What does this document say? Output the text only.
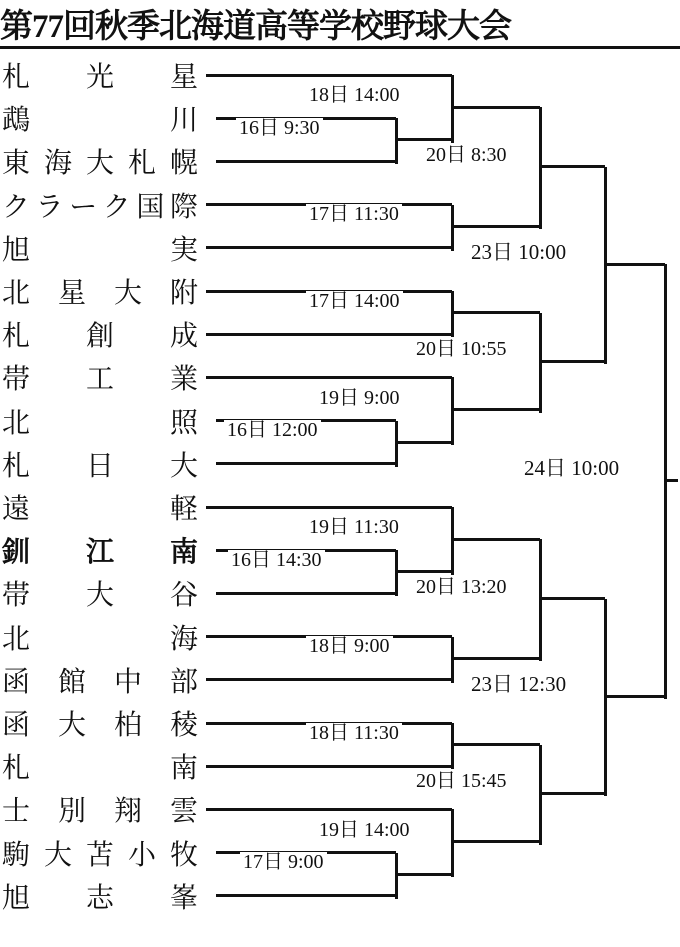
第77回秋季北海道高等学校野球大会
札 光 星
鵡	川
東 海 大 札 幌
ク ラ ー ク 国 際
旭	実
北 星 大 附
札 創 成
帯 工 業
北	照
札 日 大
遠	軽
釧 江 南
帯 大 谷
北	海
函 館 中 部
函 大 柏 稜
札	南
士 別 翔 雲
駒 大 苫 小 牧
旭 志 峯
18日 14:00
16日 9:30
20日 8:30
17日 11:30
23日 10:00
17日 14:00
20日 10:55
16日 12:00
19日 9:00
19日 11:30
16日 14:30
20日 13:20
18日 9:00
23日 12:30
18日 11:30
20日 15:45
17日 9:00
19日 14:00
24日 10:00
